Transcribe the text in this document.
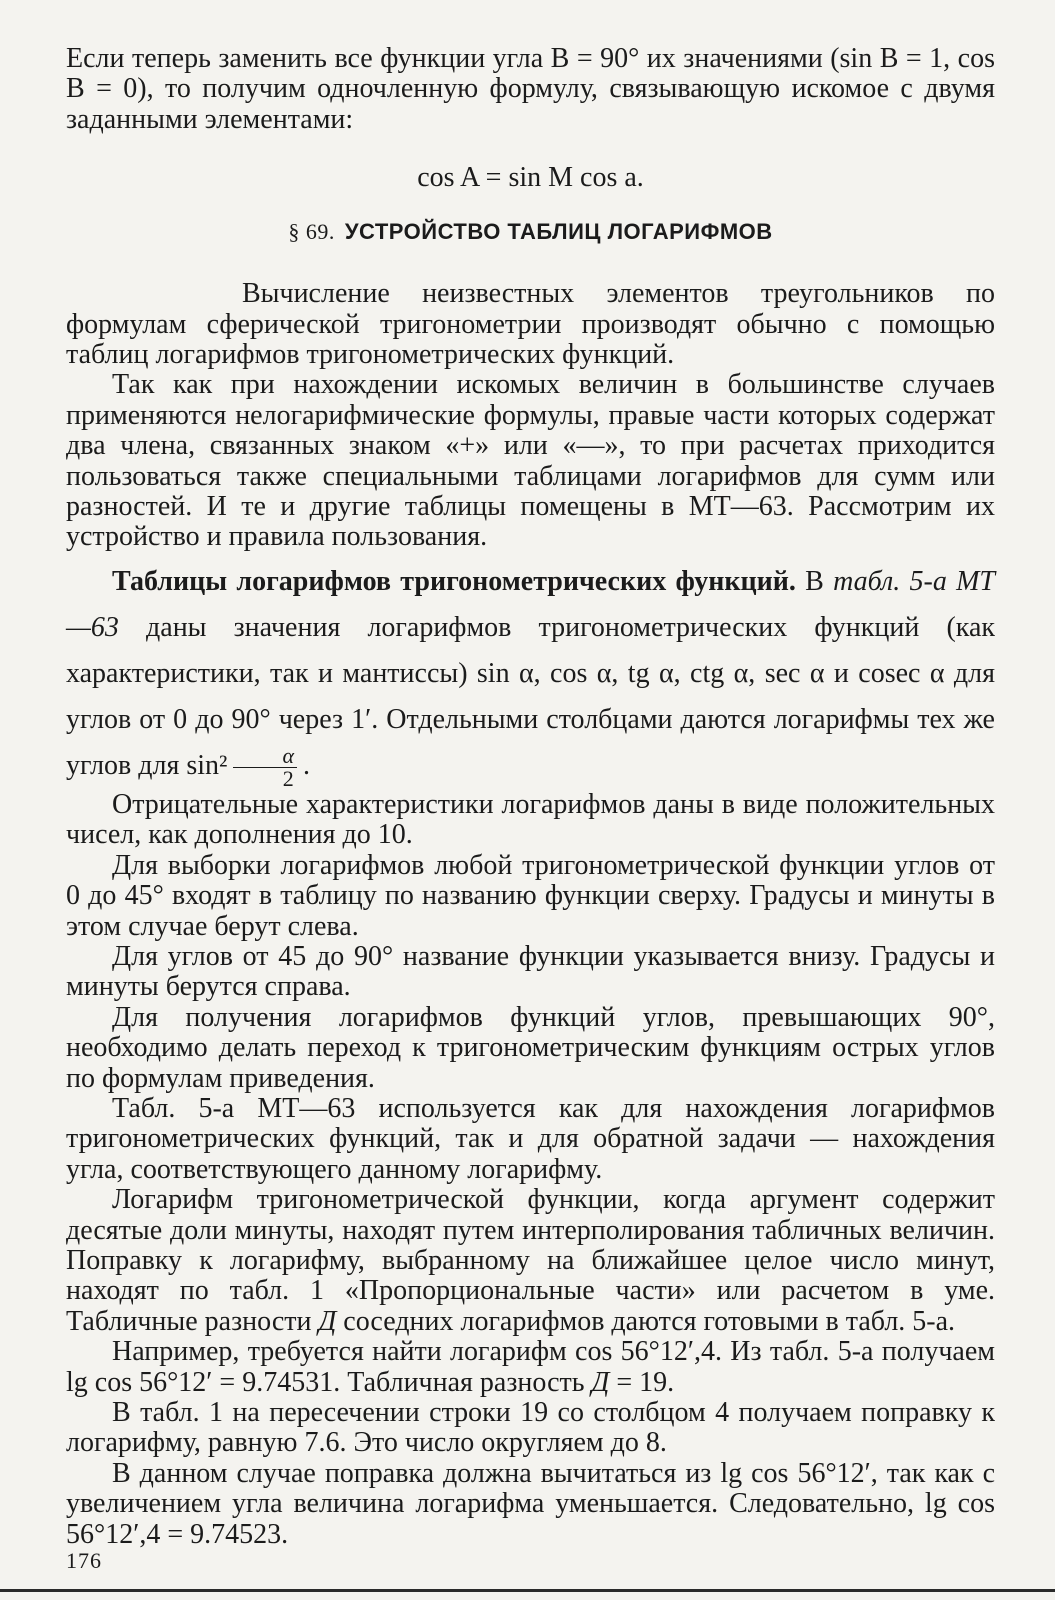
Если теперь заменить все функции угла B = 90° их значениями (sin B = 1, cos B = 0), то получим одночленную формулу, связывающую искомое с двумя заданными элементами:

cos A = sin M cos a.
§ 69. УСТРОЙСТВО ТАБЛИЦ ЛОГАРИФМОВ

Вычисление неизвестных элементов треугольников по формулам сферической тригонометрии производят обычно с помощью таблиц логарифмов тригонометрических функций.

Так как при нахождении искомых величин в большинстве случаев применяются нелогарифмические формулы, правые части которых содержат два члена, связанных знаком «+» или «—», то при расчетах приходится пользоваться также специальными таблицами логарифмов для сумм или разностей. И те и другие таблицы помещены в МТ—63. Рассмотрим их устройство и правила пользования.

Таблицы логарифмов тригонометрических функций. В табл. 5-а МТ—63 даны значения логарифмов тригонометрических функций (как характеристики, так и мантиссы) sin α, cos α, tg α, ctg α, sec α и cosec α для углов от 0 до 90° через 1′. Отдельными столбцами даются логарифмы тех же углов для $\sin^2 \frac{\alpha}{2}$ .

Отрицательные характеристики логарифмов даны в виде положительных чисел, как дополнения до 10.

Для выборки логарифмов любой тригонометрической функции углов от 0 до 45° входят в таблицу по названию функции сверху. Градусы и минуты в этом случае берут слева.

Для углов от 45 до 90° название функции указывается внизу. Градусы и минуты берутся справа.

Для получения логарифмов функций углов, превышающих 90°, необходимо делать переход к тригонометрическим функциям острых углов по формулам приведения.

Табл. 5-а МТ—63 используется как для нахождения логарифмов тригонометрических функций, так и для обратной задачи — нахождения угла, соответствующего данному логарифму.

Логарифм тригонометрической функции, когда аргумент содержит десятые доли минуты, находят путем интерполирования табличных величин. Поправку к логарифму, выбранному на ближайшее целое число минут, находят по табл. 1 «Пропорциональные части» или расчетом в уме. Табличные разности Д соседних логарифмов даются готовыми в табл. 5-а.

Например, требуется найти логарифм cos 56°12′,4. Из табл. 5-а получаем lg cos 56°12′ = 9.74531. Табличная разность Д = 19.

В табл. 1 на пересечении строки 19 со столбцом 4 получаем поправку к логарифму, равную 7.6. Это число округляем до 8.

В данном случае поправка должна вычитаться из lg cos 56°12′, так как с увеличением угла величина логарифма уменьшается. Следовательно, lg cos 56°12′,4 = 9.74523.

176
